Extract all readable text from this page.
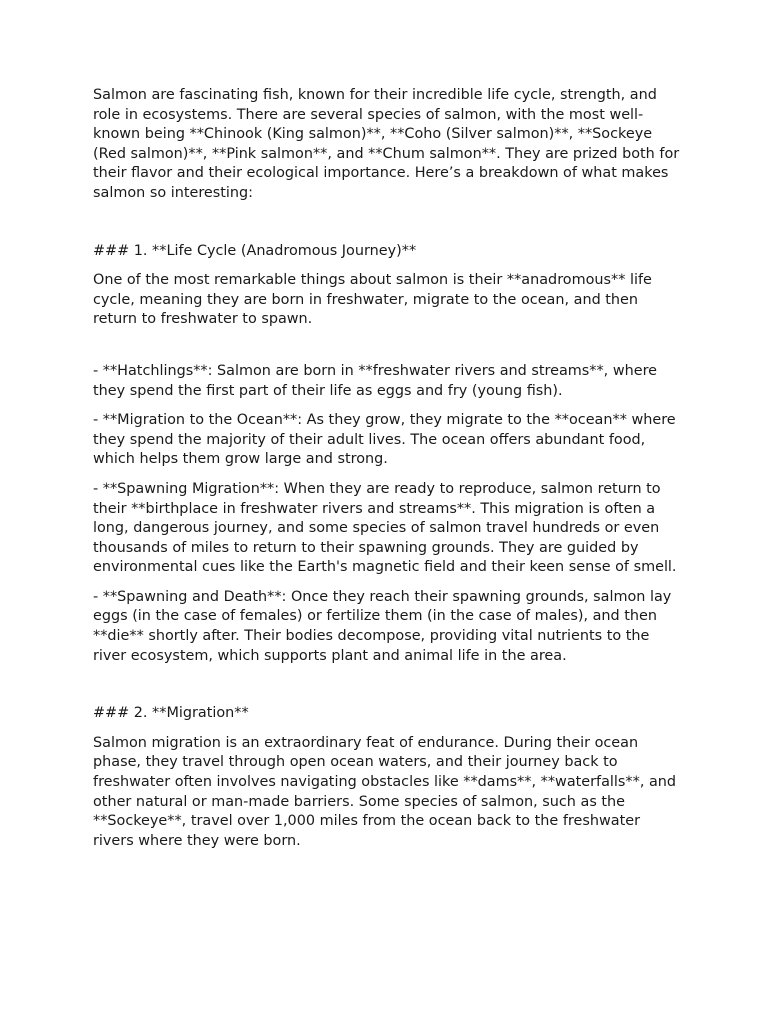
Salmon are fascinating fish, known for their incredible life cycle, strength, and role in ecosystems. There are several species of salmon, with the most well-known being **Chinook (King salmon)**, **Coho (Silver salmon)**, **Sockeye (Red salmon)**, **Pink salmon**, and **Chum salmon**. They are prized both for their flavor and their ecological importance. Here’s a breakdown of what makes salmon so interesting:

### 1. **Life Cycle (Anadromous Journey)**

One of the most remarkable things about salmon is their **anadromous** life cycle, meaning they are born in freshwater, migrate to the ocean, and then return to freshwater to spawn.

- **Hatchlings**: Salmon are born in **freshwater rivers and streams**, where they spend the first part of their life as eggs and fry (young fish).

- **Migration to the Ocean**: As they grow, they migrate to the **ocean** where they spend the majority of their adult lives. The ocean offers abundant food, which helps them grow large and strong.

- **Spawning Migration**: When they are ready to reproduce, salmon return to their **birthplace in freshwater rivers and streams**. This migration is often a long, dangerous journey, and some species of salmon travel hundreds or even thousands of miles to return to their spawning grounds. They are guided by environmental cues like the Earth's magnetic field and their keen sense of smell.

- **Spawning and Death**: Once they reach their spawning grounds, salmon lay eggs (in the case of females) or fertilize them (in the case of males), and then **die** shortly after. Their bodies decompose, providing vital nutrients to the river ecosystem, which supports plant and animal life in the area.

### 2. **Migration**

Salmon migration is an extraordinary feat of endurance. During their ocean phase, they travel through open ocean waters, and their journey back to freshwater often involves navigating obstacles like **dams**, **waterfalls**, and other natural or man-made barriers. Some species of salmon, such as the **Sockeye**, travel over 1,000 miles from the ocean back to the freshwater rivers where they were born.
